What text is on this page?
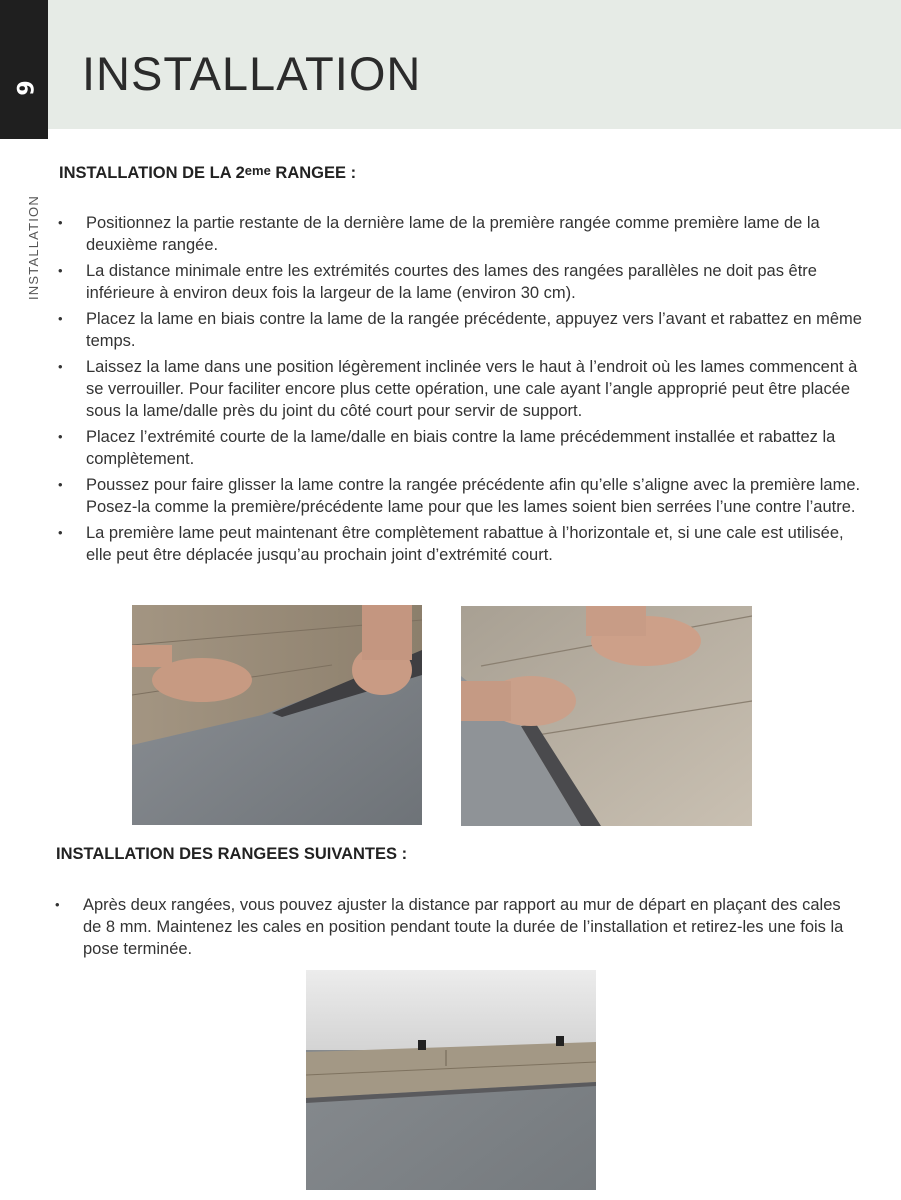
6 INSTALLATION
INSTALLATION
INSTALLATION DE LA 2eme RANGEE :
• Positionnez la partie restante de la dernière lame de la première rangée comme première lame de la deuxième rangée.
• La distance minimale entre les extrémités courtes des lames des rangées parallèles ne doit pas être inférieure à environ deux fois la largeur de la lame (environ 30 cm).
• Placez la lame en biais contre la lame de la rangée précédente, appuyez vers l’avant et rabattez en même temps.
• Laissez la lame dans une position légèrement inclinée vers le haut à l’endroit où les lames commencent à se verrouiller. Pour faciliter encore plus cette opération, une cale ayant l’angle approprié peut être placée sous la lame/dalle près du joint du côté court pour servir de support.
• Placez l’extrémité courte de la lame/dalle en biais contre la lame précédemment installée et rabattez la complètement.
• Poussez pour faire glisser la lame contre la rangée précédente afin qu’elle s’aligne avec la première lame. Posez-la comme la première/précédente lame pour que les lames soient bien serrées l’une contre l’autre.
• La première lame peut maintenant être complètement rabattue à l’horizontale et, si une cale est utilisée, elle peut être déplacée jusqu’au prochain joint d’extrémité court.
INSTALLATION DES RANGEES SUIVANTES :
• Après deux rangées, vous pouvez ajuster la distance par rapport au mur de départ en plaçant des cales de 8 mm. Maintenez les cales en position pendant toute la durée de l’installation et retirez-les une fois la pose terminée.
